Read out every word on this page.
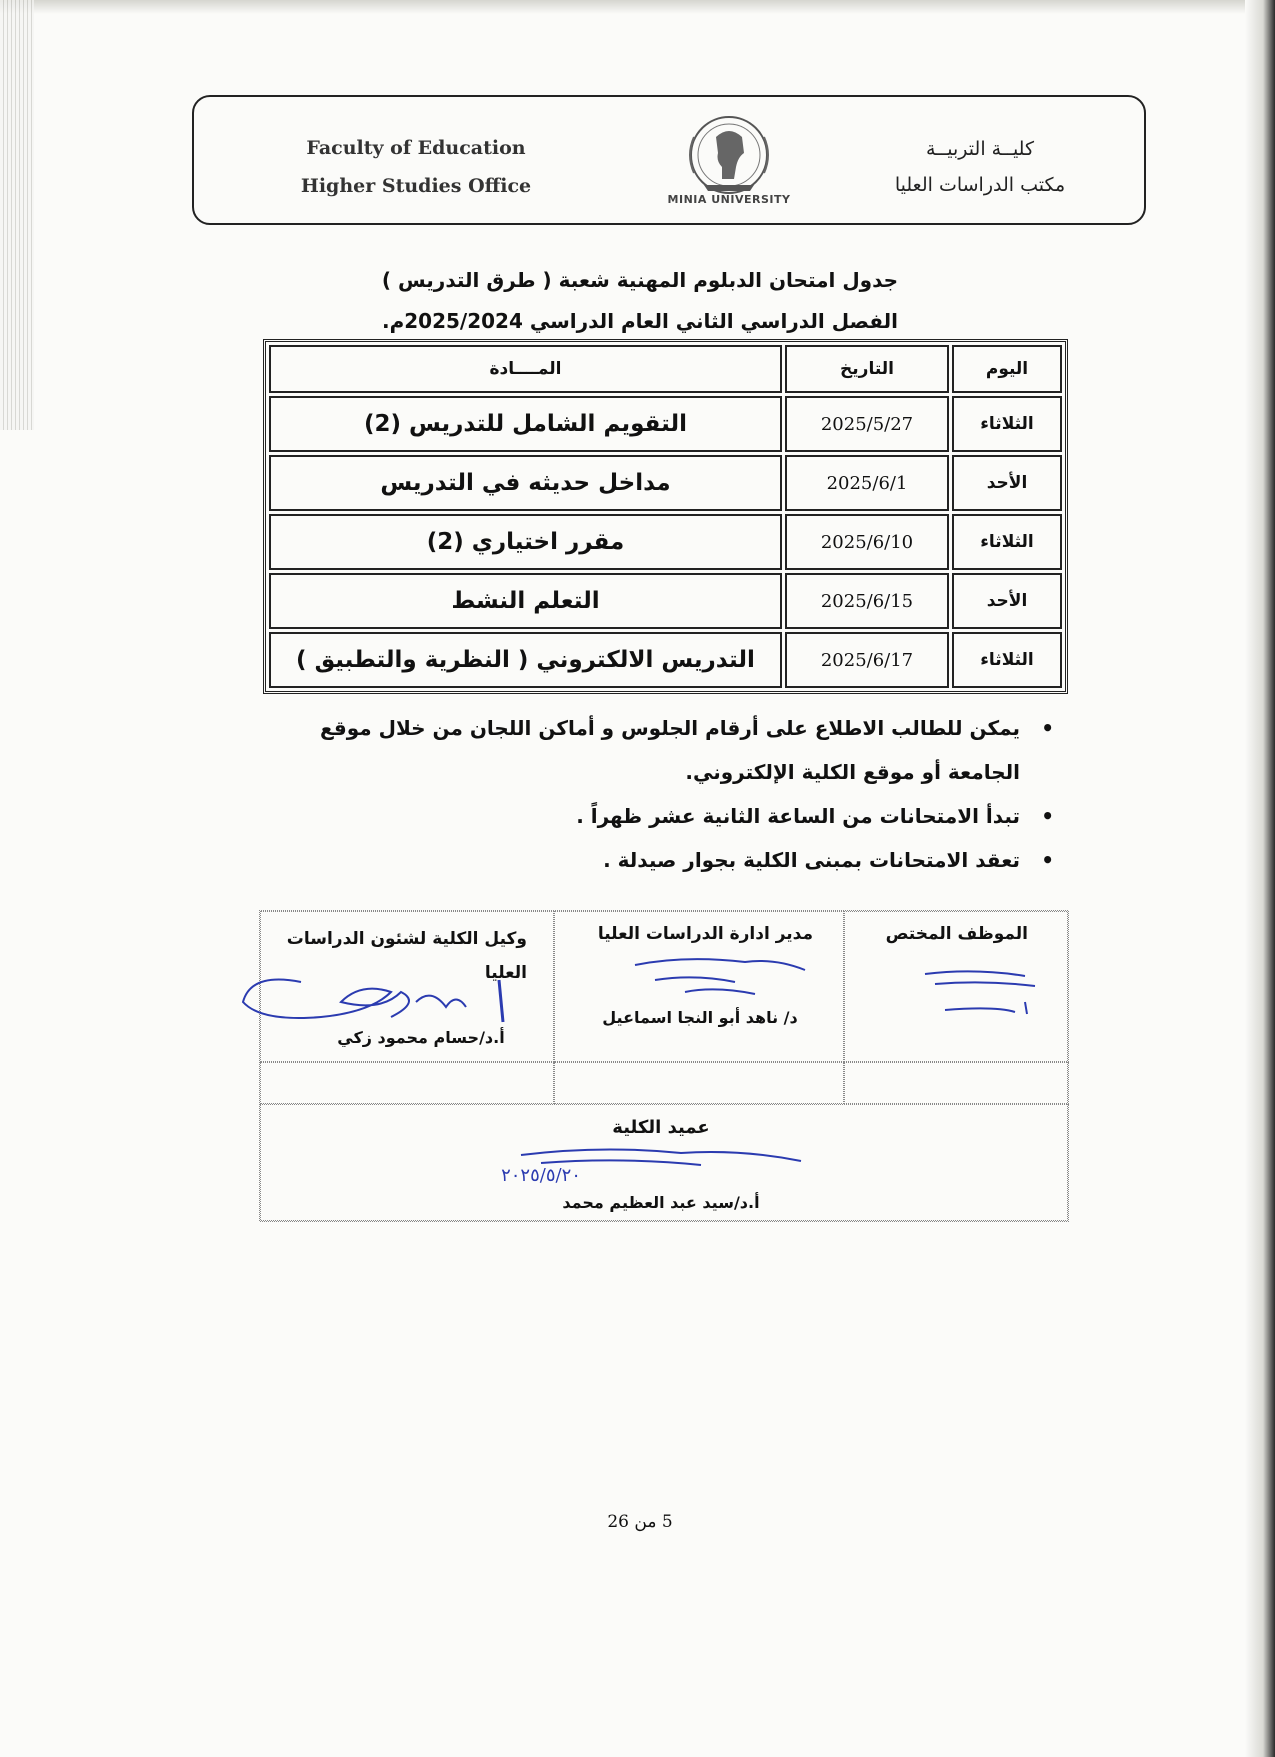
Faculty of Education
Higher Studies Office
MINIA UNIVERSITY
كليــة التربيــة
مكتب الدراسات العليا
جدول امتحان الدبلوم المهنية شعبة ( طرق التدريس )
الفصل الدراسي الثاني العام الدراسي 2025/2024م.
اليوم	التاريخ	المــــادة
الثلاثاء	2025/5/27	التقويم الشامل للتدريس (2)
الأحد	2025/6/1	مداخل حديثه في التدريس
الثلاثاء	2025/6/10	مقرر اختياري (2)
الأحد	2025/6/15	التعلم النشط
الثلاثاء	2025/6/17	التدريس الالكتروني ( النظرية والتطبيق )
• يمكن للطالب الاطلاع على أرقام الجلوس و أماكن اللجان من خلال موقع الجامعة أو موقع الكلية الإلكتروني.
• تبدأ الامتحانات من الساعة الثانية عشر ظهراً .
• تعقد الامتحانات بمبنى الكلية بجوار صيدلة .
وكيل الكلية لشئون الدراسات العليا
أ.د/حسام محمود زكي
مدير ادارة الدراسات العليا
د/ ناهد أبو النجا اسماعيل
الموظف المختص
عميد الكلية
٢٠٢٥/٥/٢٠
أ.د/سيد عبد العظيم محمد
5 من 26
